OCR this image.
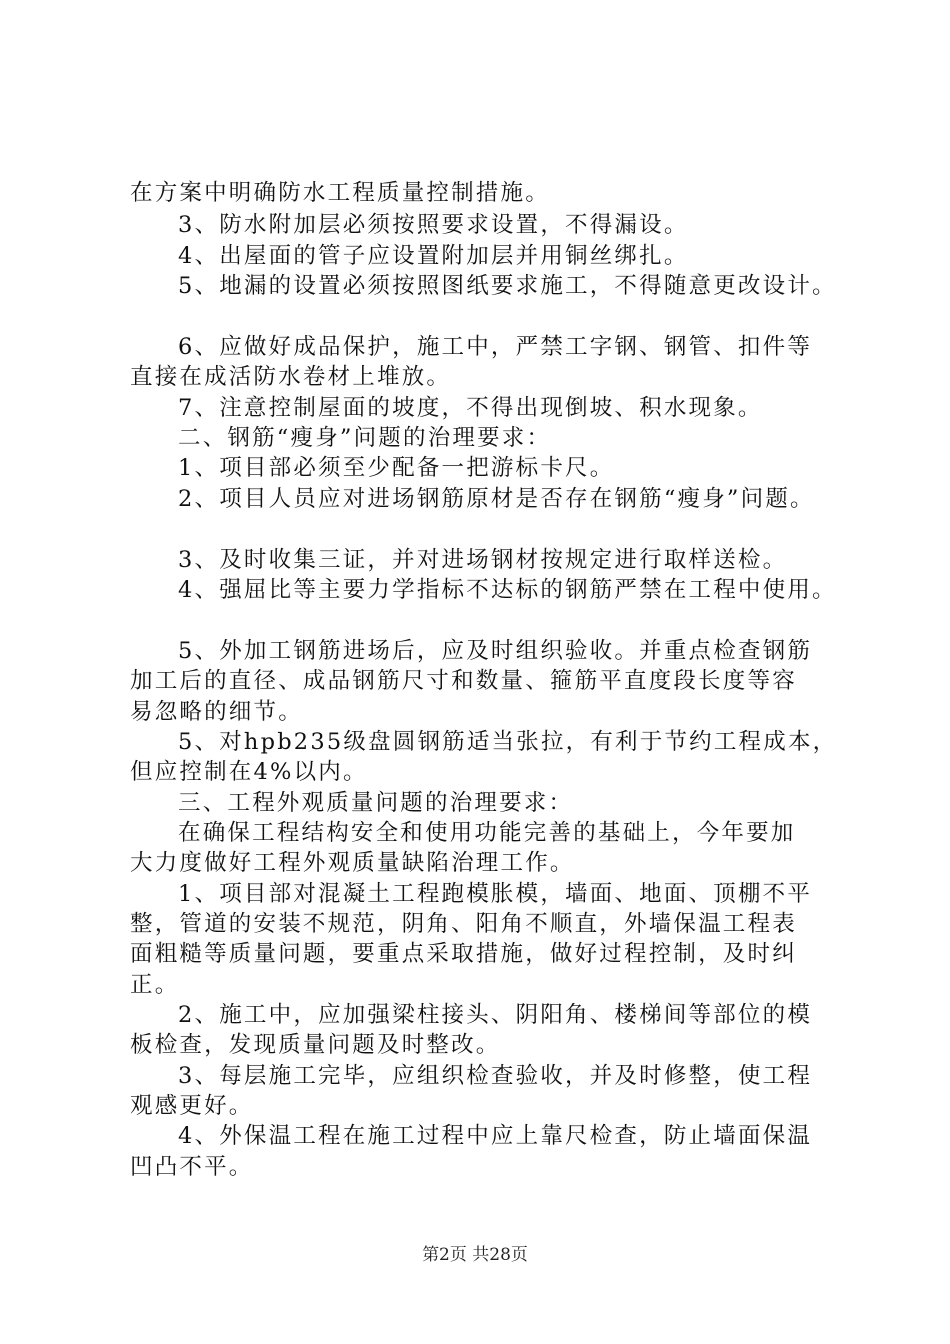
在方案中明确防水工程质量控制措施。
3、防水附加层必须按照要求设置，不得漏设。
4、出屋面的管子应设置附加层并用铜丝绑扎。
5、地漏的设置必须按照图纸要求施工，不得随意更改设计。
6、应做好成品保护，施工中，严禁工字钢、钢管、扣件等
直接在成活防水卷材上堆放。
7、注意控制屋面的坡度，不得出现倒坡、积水现象。
二、钢筋“瘦身”问题的治理要求：
1、项目部必须至少配备一把游标卡尺。
2、项目人员应对进场钢筋原材是否存在钢筋“瘦身”问题。
3、及时收集三证，并对进场钢材按规定进行取样送检。
4、强屈比等主要力学指标不达标的钢筋严禁在工程中使用。
5、外加工钢筋进场后，应及时组织验收。并重点检查钢筋
加工后的直径、成品钢筋尺寸和数量、箍筋平直度段长度等容
易忽略的细节。
5、对hpb235级盘圆钢筋适当张拉，有利于节约工程成本，
但应控制在4%以内。
三、工程外观质量问题的治理要求：
在确保工程结构安全和使用功能完善的基础上，今年要加
大力度做好工程外观质量缺陷治理工作。
1、项目部对混凝土工程跑模胀模，墙面、地面、顶棚不平
整，管道的安装不规范，阴角、阳角不顺直，外墙保温工程表
面粗糙等质量问题，要重点采取措施，做好过程控制，及时纠
正。
2、施工中，应加强梁柱接头、阴阳角、楼梯间等部位的模
板检查，发现质量问题及时整改。
3、每层施工完毕，应组织检查验收，并及时修整，使工程
观感更好。
4、外保温工程在施工过程中应上靠尺检查，防止墙面保温
凹凸不平。
第2页 共28页
